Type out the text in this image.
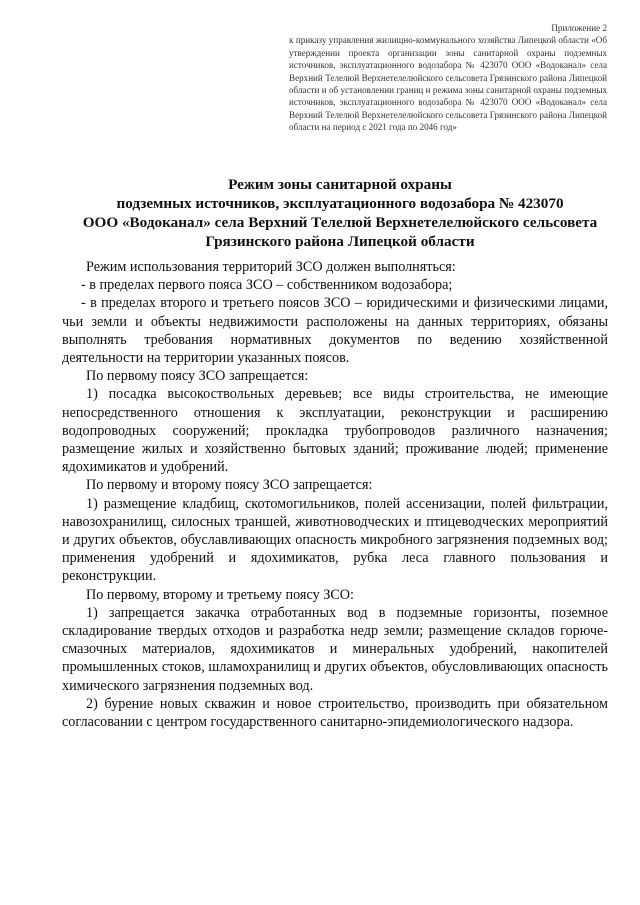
Приложение 2
к приказу управления жилищно-коммунального хозяйства Липецкой области «Об утверждении проекта организации зоны санитарной охраны подземных источников, эксплуатационного водозабора № 423070 ООО «Водоканал» села Верхний Телелюй Верхнетелелюйского сельсовета Грязинского района Липецкой области и об установлении границ и режима зоны санитарной охраны подземных источников, эксплуатационного водозабора № 423070 ООО «Водоканал» села Верхний Телелюй Верхнетелелюйского сельсовета Грязинского района Липецкой области на период с 2021 года по 2046 год»
Режим зоны санитарной охраны
подземных источников, эксплуатационного водозабора № 423070
ООО «Водоканал» села Верхний Телелюй Верхнетелелюйского сельсовета
Грязинского района Липецкой области

Режим использования территорий ЗСО должен выполняться:

- в пределах первого пояса ЗСО – собственником водозабора;

- в пределах второго и третьего поясов ЗСО – юридическими и физическими лицами, чьи земли и объекты недвижимости расположены на данных территориях, обязаны выполнять требования нормативных документов по ведению хозяйственной деятельности на территории указанных поясов.

По первому поясу ЗСО запрещается:

1) посадка высокоствольных деревьев; все виды строительства, не имеющие непосредственного отношения к эксплуатации, реконструкции и расширению водопроводных сооружений; прокладка трубопроводов различного назначения; размещение жилых и хозяйственно бытовых зданий; проживание людей; применение ядохимикатов и удобрений.

По первому и второму поясу ЗСО запрещается:

1) размещение кладбищ, скотомогильников, полей ассенизации, полей фильтрации, навозохранилищ, силосных траншей, животноводческих и птицеводческих мероприятий и других объектов, обуславливающих опасность микробного загрязнения подземных вод; применения удобрений и ядохимикатов, рубка леса главного пользования и реконструкции.

По первому, второму и третьему поясу ЗСО:

1) запрещается закачка отработанных вод в подземные горизонты, поземное складирование твердых отходов и разработка недр земли; размещение складов горюче-смазочных материалов, ядохимикатов и минеральных удобрений, накопителей промышленных стоков, шламохранилищ и других объектов, обусловливающих опасность химического загрязнения подземных вод.

2) бурение новых скважин и новое строительство, производить при обязательном согласовании с центром государственного санитарно-эпидемиологического надзора.
